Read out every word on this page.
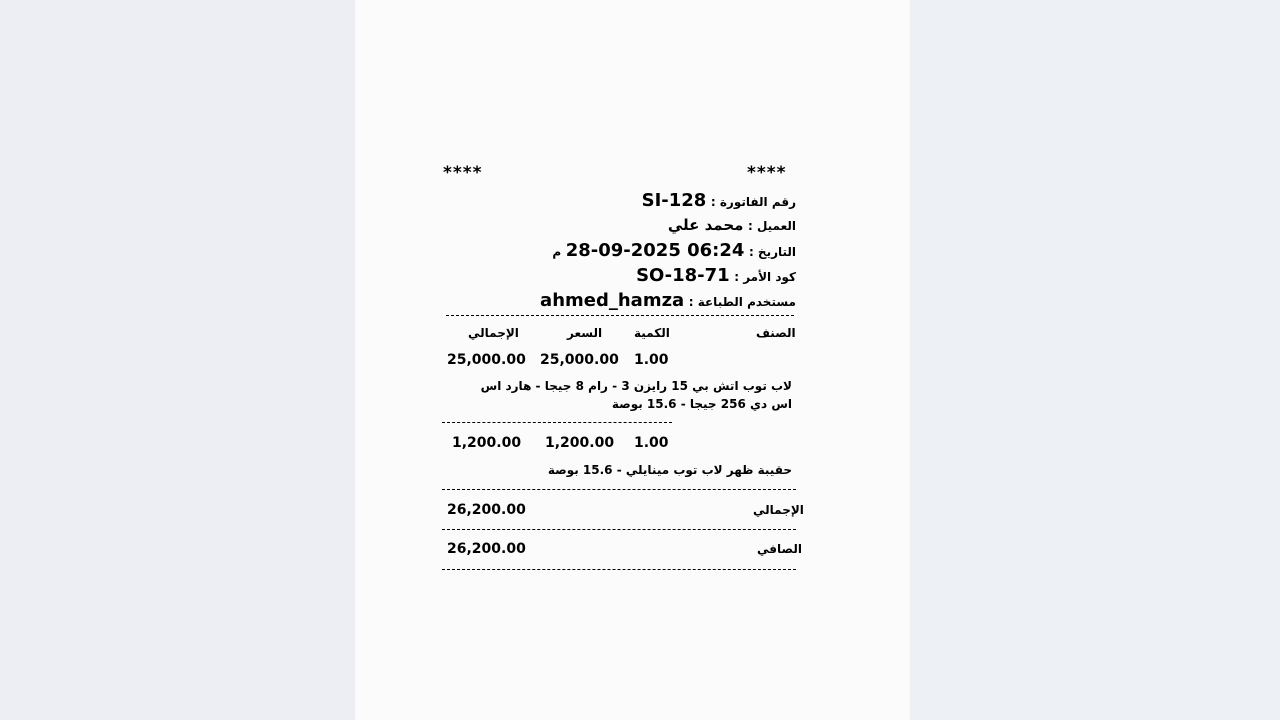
****	****
رقم الفاتورة : SI-128
العميل : محمد علي
التاريخ : 28-09-2025 06:24 م
كود الأمر : SO-18-71
مستخدم الطباعة : ahmed_hamza
الإجمالي	السعر	الكمية	الصنف
25,000.00 25,000.00 1.00
لاب توب اتش بي 15 رايزن 3 - رام 8 جيجا - هارد اس اس دي 256 جيجا - 15.6 بوصة
1,200.00 1,200.00 1.00
حقيبة ظهر لاب توب مينايلي - 15.6 بوصة
26,200.00	الإجمالي
26,200.00	الصافي
